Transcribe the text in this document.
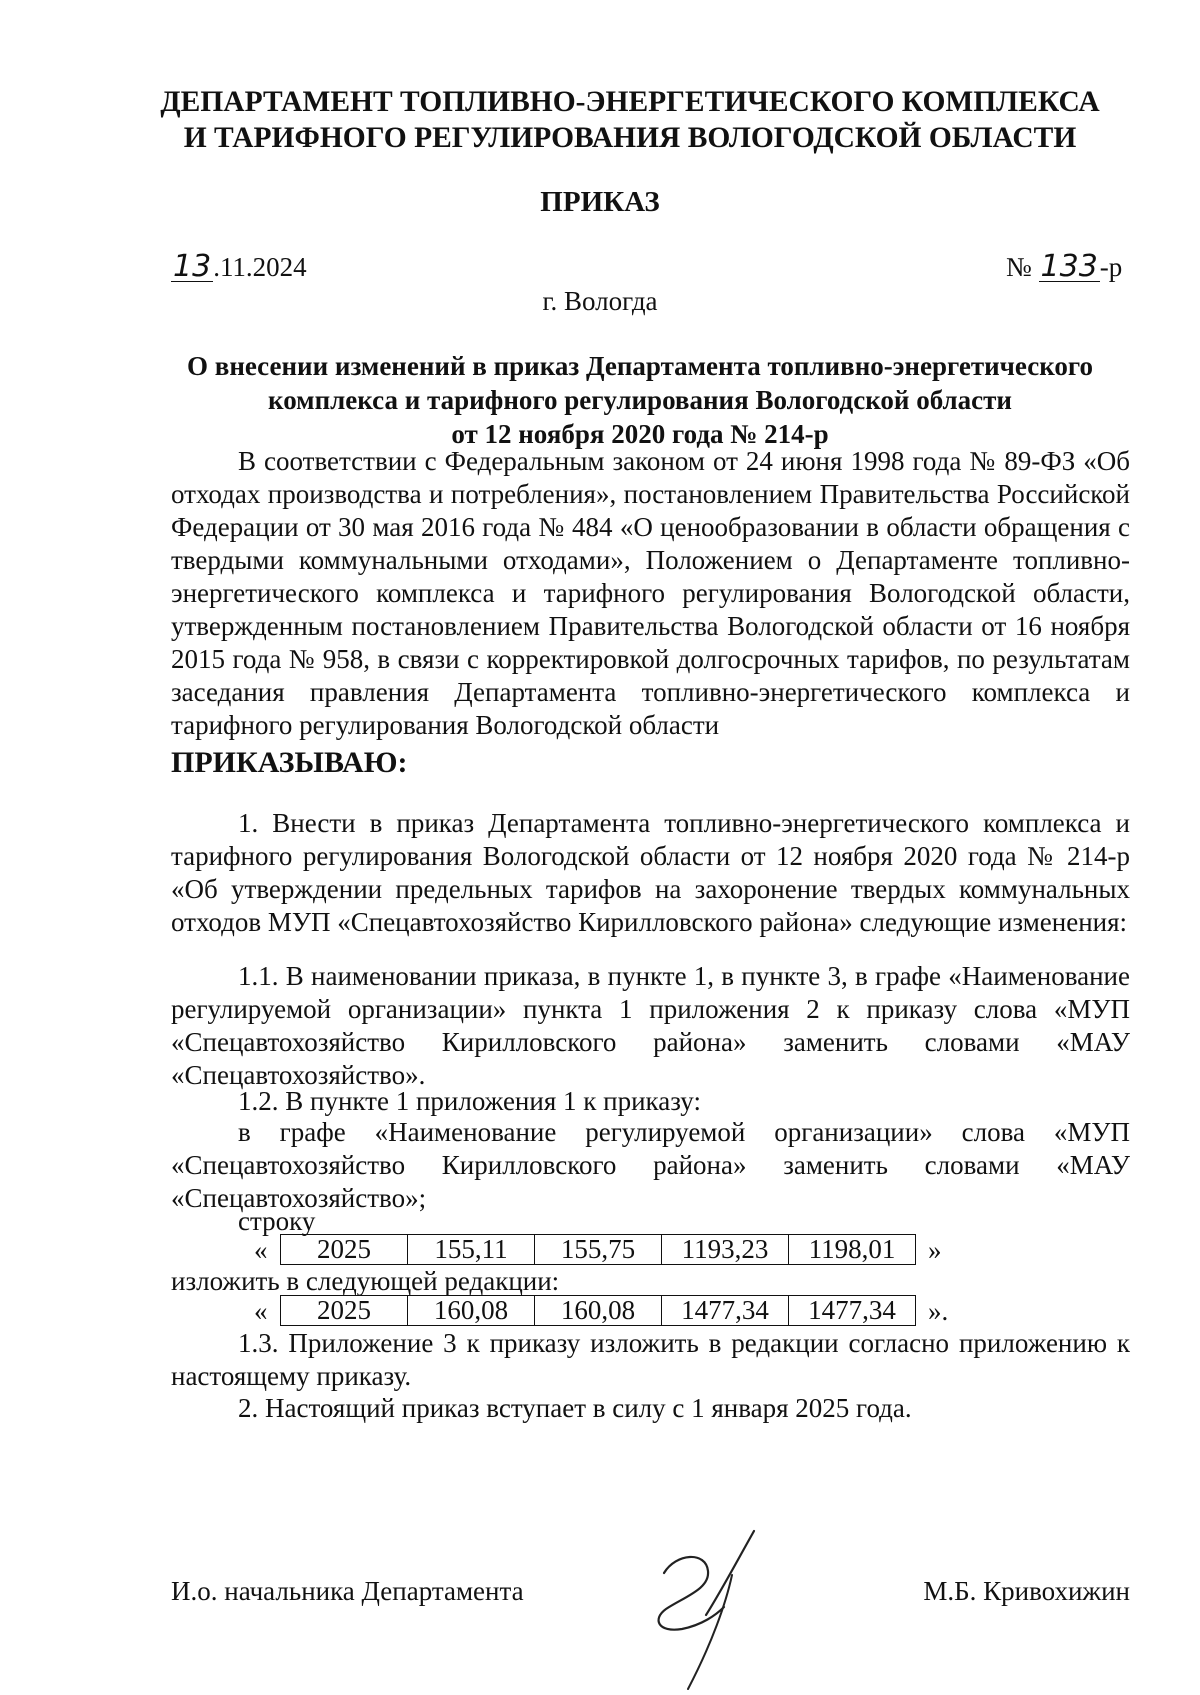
ДЕПАРТАМЕНТ ТОПЛИВНО-ЭНЕРГЕТИЧЕСКОГО КОМПЛЕКСА
И ТАРИФНОГО РЕГУЛИРОВАНИЯ ВОЛОГОДСКОЙ ОБЛАСТИ
ПРИКАЗ
13.11.2024	№ 133-р
г. Вологда
О внесении изменений в приказ Департамента топливно-энергетического
комплекса и тарифного регулирования Вологодской области
от 12 ноября 2020 года № 214-р
В соответствии с Федеральным законом от 24 июня 1998 года № 89-ФЗ «Об отходах производства и потребления», постановлением Правительства Российской Федерации от 30 мая 2016 года № 484 «О ценообразовании в области обращения с твердыми коммунальными отходами», Положением о Департаменте топливно-энергетического комплекса и тарифного регулирования Вологодской области, утвержденным постановлением Правительства Вологодской области от 16 ноября 2015 года № 958, в связи с корректировкой долгосрочных тарифов, по результатам заседания правления Департамента топливно-энергетического комплекса и тарифного регулирования Вологодской области
ПРИКАЗЫВАЮ:
1. Внести в приказ Департамента топливно-энергетического комплекса и тарифного регулирования Вологодской области от 12 ноября 2020 года № 214-р «Об утверждении предельных тарифов на захоронение твердых коммунальных отходов МУП «Спецавтохозяйство Кирилловского района» следующие изменения:
1.1. В наименовании приказа, в пункте 1, в пункте 3, в графе «Наименование регулируемой организации» пункта 1 приложения 2 к приказу слова «МУП «Спецавтохозяйство Кирилловского района» заменить словами «МАУ «Спецавтохозяйство».
1.2. В пункте 1 приложения 1 к приказу:
в графе «Наименование регулируемой организации» слова «МУП «Спецавтохозяйство Кирилловского района» заменить словами «МАУ «Спецавтохозяйство»;
строку
« 2025	155,11	155,75	1193,23	1198,01 »
изложить в следующей редакции:
« 2025	160,08	160,08	1477,34	1477,34 ».
1.3. Приложение 3 к приказу изложить в редакции согласно приложению к настоящему приказу.
2. Настоящий приказ вступает в силу с 1 января 2025 года.
И.о. начальника Департамента	М.Б. Кривохижин
